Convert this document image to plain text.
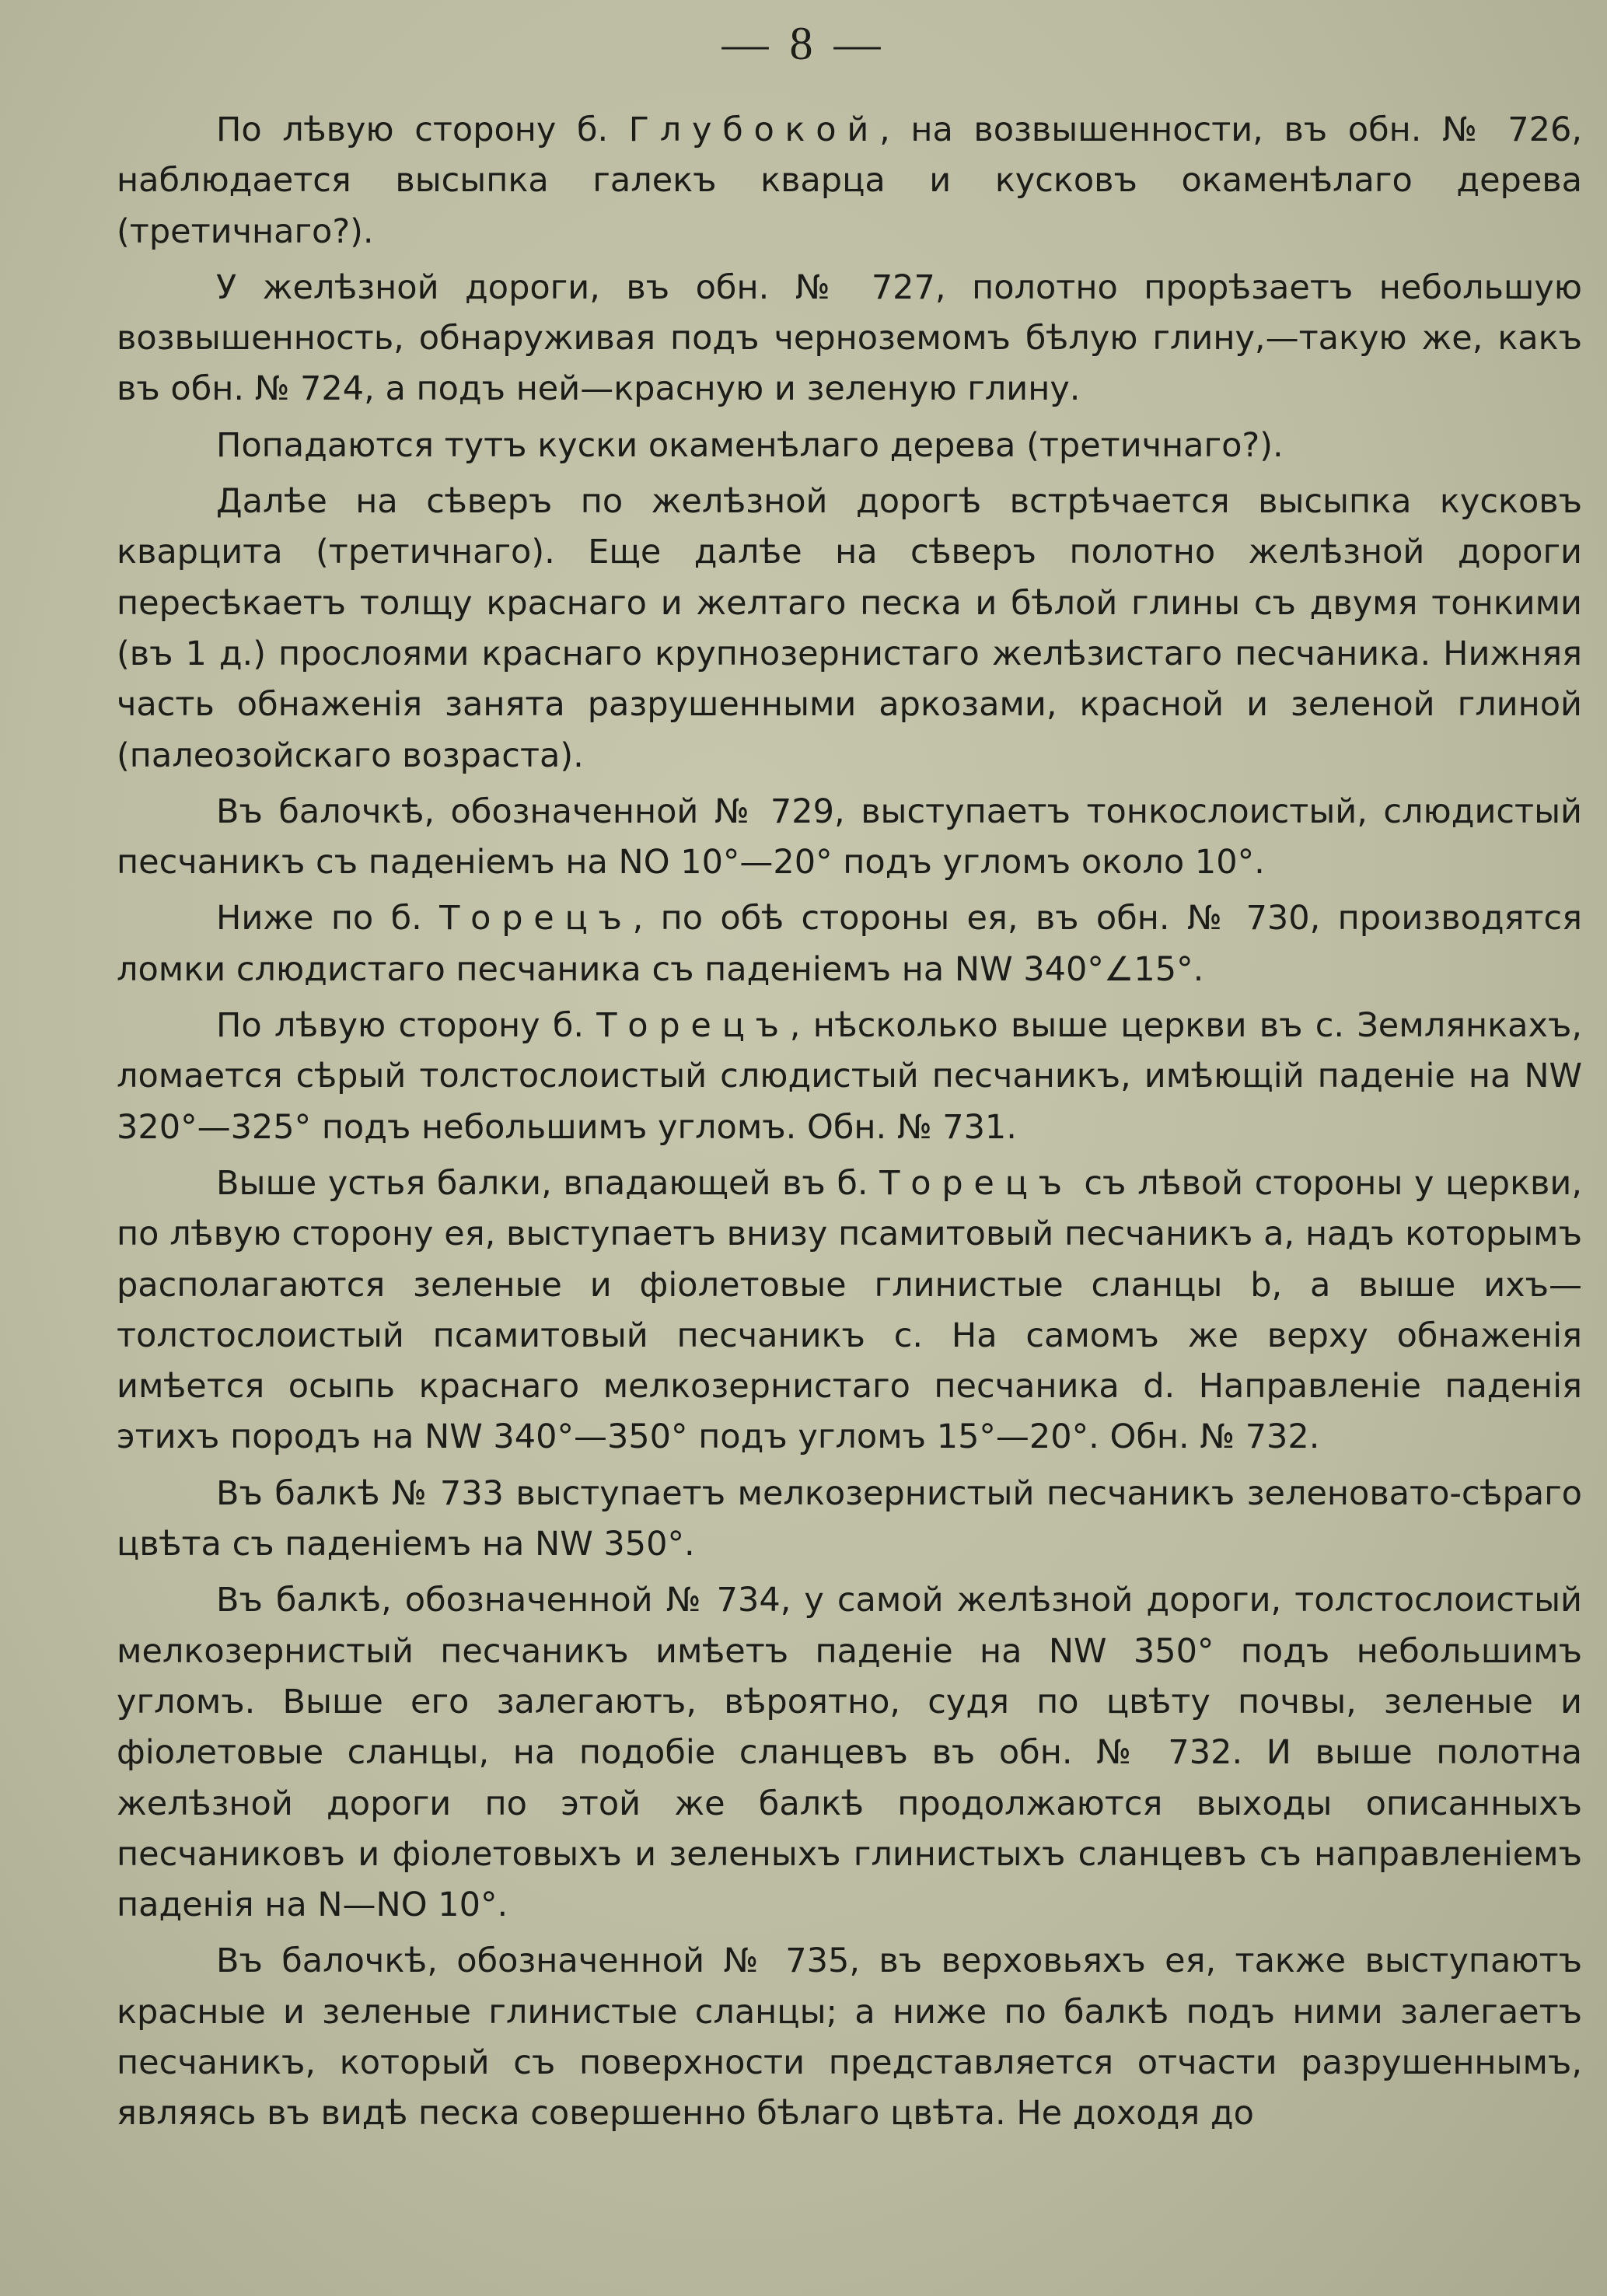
— 8 —

По лѣвую сторону б. Глубокой, на возвышенности, въ обн. № 726, наблюдается высыпка галекъ кварца и кусковъ окаменѣлаго дерева (третичнаго?).

У желѣзной дороги, въ обн. № 727, полотно прорѣзаетъ небольшую возвышенность, обнаруживая подъ черноземомъ бѣлую глину,—такую же, какъ въ обн. № 724, а подъ ней—красную и зеленую глину.

Попадаются тутъ куски окаменѣлаго дерева (третичнаго?).

Далѣе на сѣверъ по желѣзной дорогѣ встрѣчается высыпка кусковъ кварцита (третичнаго). Еще далѣе на сѣверъ полотно желѣзной дороги пересѣкаетъ толщу краснаго и желтаго песка и бѣлой глины съ двумя тонкими (въ 1 д.) прослоями краснаго крупнозернистаго желѣзистаго песчаника. Нижняя часть обнаженія занята разрушенными аркозами, красной и зеленой глиной (палеозойскаго возраста).

Въ балочкѣ, обозначенной № 729, выступаетъ тонкослоистый, слюдистый песчаникъ съ паденіемъ на NO 10°—20° подъ угломъ около 10°.

Ниже по б. Торецъ, по обѣ стороны ея, въ обн. № 730, производятся ломки слюдистаго песчаника съ паденіемъ на NW 340°∠15°.

По лѣвую сторону б. Торецъ, нѣсколько выше церкви въ с. Землянкахъ, ломается сѣрый толстослоистый слюдистый песчаникъ, имѣющій паденіе на NW 320°—325° подъ небольшимъ угломъ. Обн. № 731.

Выше устья балки, впадающей въ б. Торецъ съ лѣвой стороны у церкви, по лѣвую сторону ея, выступаетъ внизу псамитовый песчаникъ a, надъ которымъ располагаются зеленые и фіолетовые глинистые сланцы b, а выше ихъ—толстослоистый псамитовый песчаникъ c. На самомъ же верху обнаженія имѣется осыпь краснаго мелкозернистаго песчаника d. Направленіе паденія этихъ породъ на NW 340°—350° подъ угломъ 15°—20°. Обн. № 732.

Въ балкѣ № 733 выступаетъ мелкозернистый песчаникъ зеленовато-сѣраго цвѣта съ паденіемъ на NW 350°.

Въ балкѣ, обозначенной № 734, у самой желѣзной дороги, толстослоистый мелкозернистый песчаникъ имѣетъ паденіе на NW 350° подъ небольшимъ угломъ. Выше его залегаютъ, вѣроятно, судя по цвѣту почвы, зеленые и фіолетовые сланцы, на подобіе сланцевъ въ обн. № 732. И выше полотна желѣзной дороги по этой же балкѣ продолжаются выходы описанныхъ песчаниковъ и фіолетовыхъ и зеленыхъ глинистыхъ сланцевъ съ направленіемъ паденія на N—NO 10°.

Въ балочкѣ, обозначенной № 735, въ верховьяхъ ея, также выступаютъ красные и зеленые глинистые сланцы; а ниже по балкѣ подъ ними залегаетъ песчаникъ, который съ поверхности представляется отчасти разрушеннымъ, являясь въ видѣ песка совершенно бѣлаго цвѣта. Не доходя до
